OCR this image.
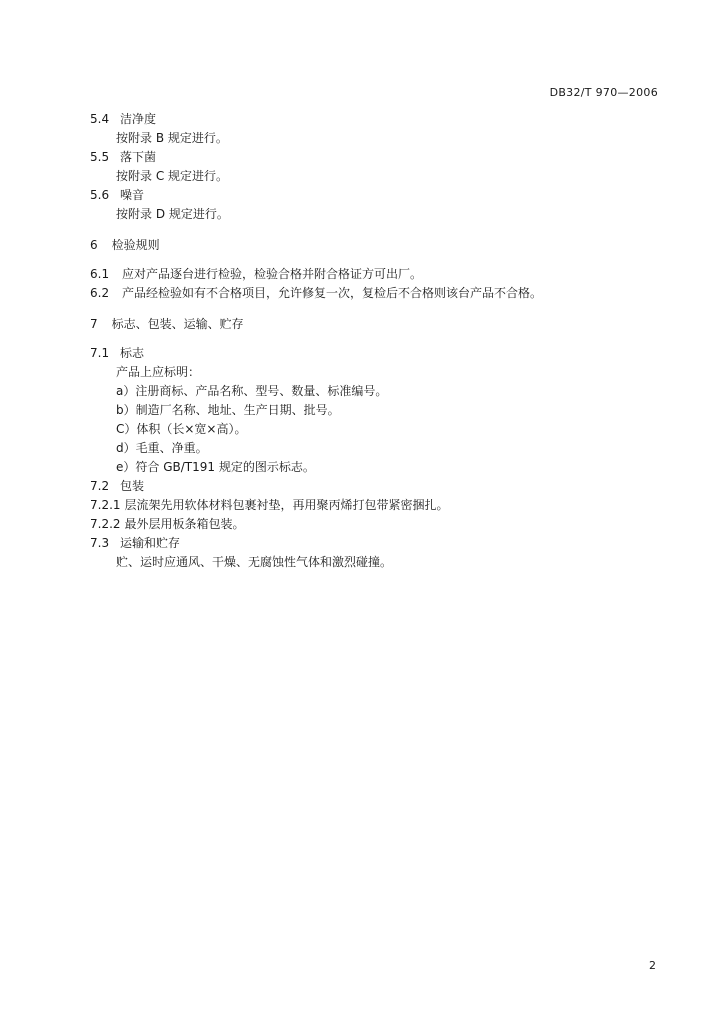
DB32/T 970—2006
5.4 洁净度
按附录 B 规定进行。
5.5 落下菌
按附录 C 规定进行。
5.6 噪音
按附录 D 规定进行。
6 检验规则
6.1	应对产品逐台进行检验，检验合格并附合格证方可出厂。
6.2	产品经检验如有不合格项目，允许修复一次，复检后不合格则该台产品不合格。
7 标志、包装、运输、贮存
7.1 标志
产品上应标明：
a）注册商标、产品名称、型号、数量、标准编号。
b）制造厂名称、地址、生产日期、批号。
C）体积（长×宽×高）。
d）毛重、净重。
e）符合 GB/T191 规定的图示标志。
7.2 包装
7.2.1 层流架先用软体材料包裹衬垫，再用聚丙烯打包带紧密捆扎。
7.2.2 最外层用板条箱包装。
7.3 运输和贮存
贮、运时应通风、干燥、无腐蚀性气体和激烈碰撞。
2
